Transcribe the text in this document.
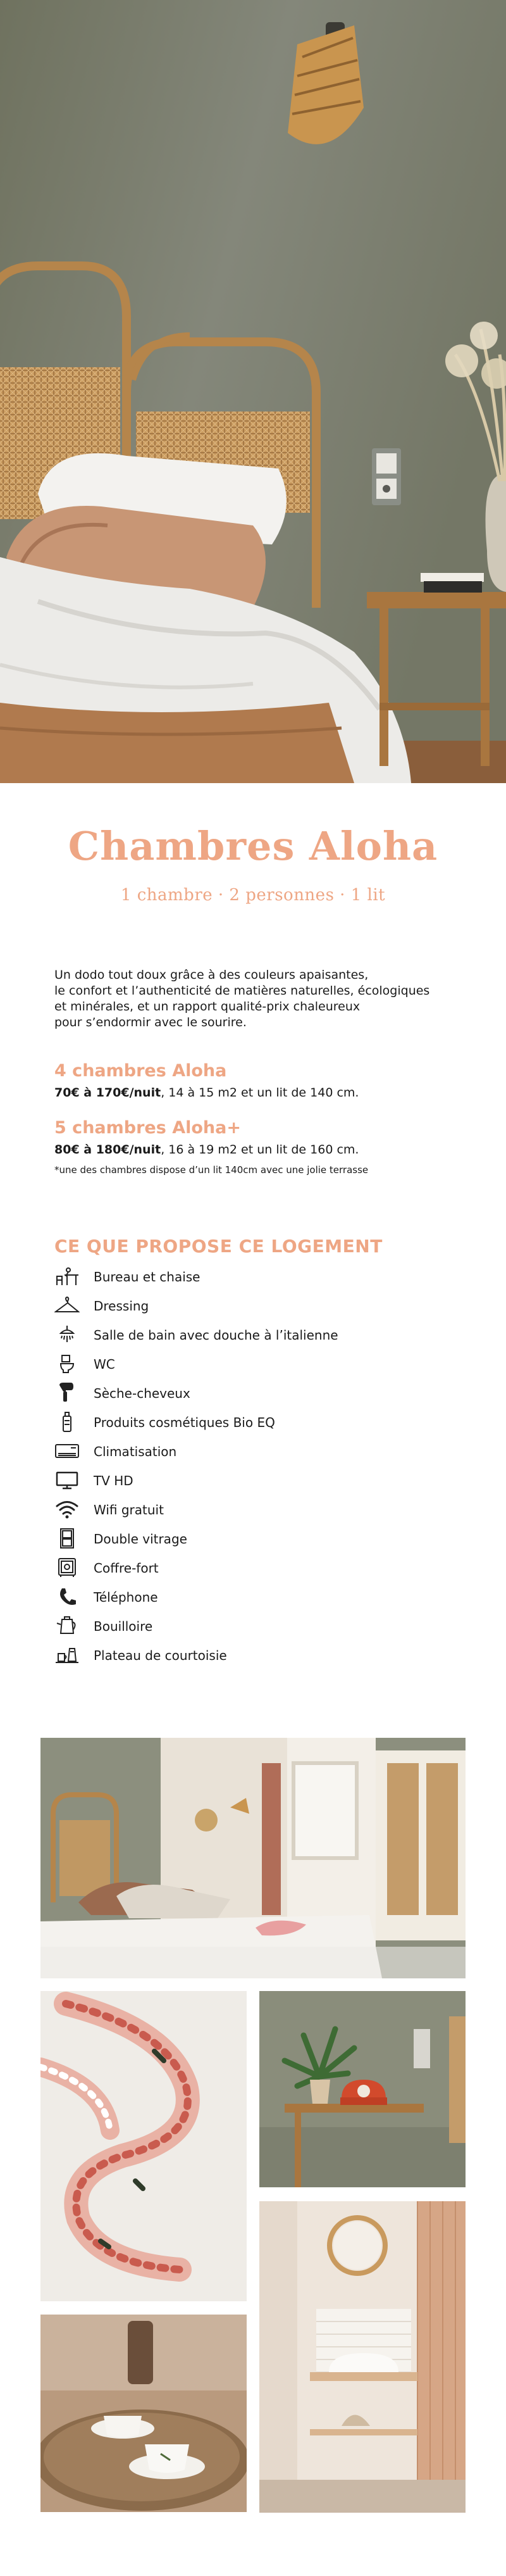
Chambres Aloha
1 chambre · 2 personnes · 1 lit
Un dodo tout doux grâce à des couleurs apaisantes,
le confort et l’authenticité de matières naturelles, écologiques
et minérales, et un rapport qualité-prix chaleureux
pour s’endormir avec le sourire.
4 chambres Aloha
70€ à 170€/nuit, 14 à 15 m2 et un lit de 140 cm.
5 chambres Aloha+
80€ à 180€/nuit, 16 à 19 m2 et un lit de 160 cm.
*une des chambres dispose d’un lit 140cm avec une jolie terrasse
CE QUE PROPOSE CE LOGEMENT
Bureau et chaise
Dressing
Salle de bain avec douche à l’italienne
WC
Sèche-cheveux
Produits cosmétiques Bio EQ
Climatisation
TV HD
Wifi gratuit
Double vitrage
Coffre-fort
Téléphone
Bouilloire
Plateau de courtoisie
